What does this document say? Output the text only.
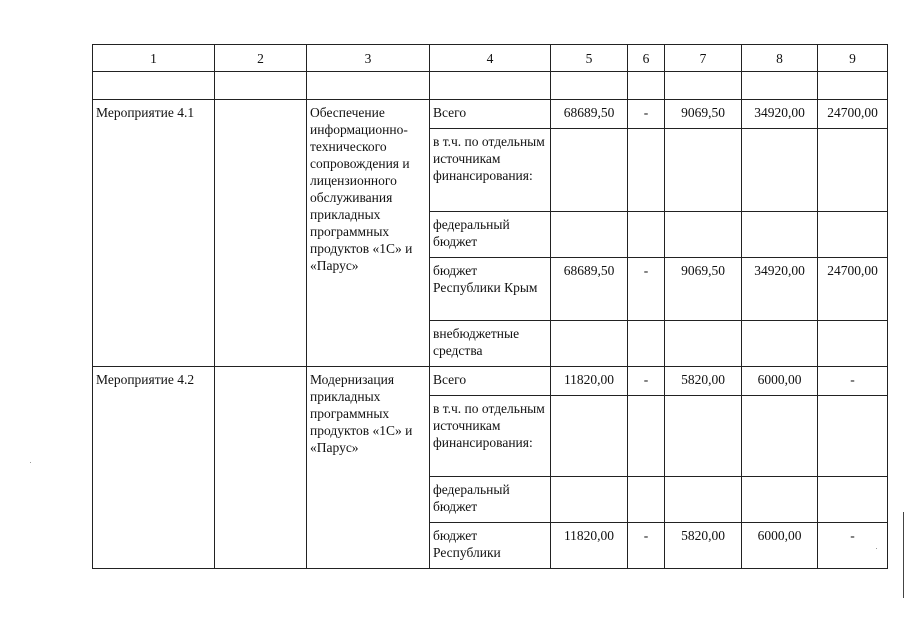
1	2	3	4	5	6	7	8	9

Мероприятие 4.1		Обеспечение информационно-технического сопровождения и лицензионного обслуживания прикладных программных продуктов «1С» и «Парус»	Всего	68689,50	-	9069,50	34920,00	24700,00
			в т.ч. по отдельным источникам финансирования:					
			федеральный бюджет					
			бюджет Республики Крым	68689,50	-	9069,50	34920,00	24700,00
			внебюджетные средства					
Мероприятие 4.2		Модернизация прикладных программных продуктов «1С» и «Парус»	Всего	11820,00	-	5820,00	6000,00	-
			в т.ч. по отдельным источникам финансирования:					
			федеральный бюджет					
			бюджет Республики	11820,00	-	5820,00	6000,00	-
